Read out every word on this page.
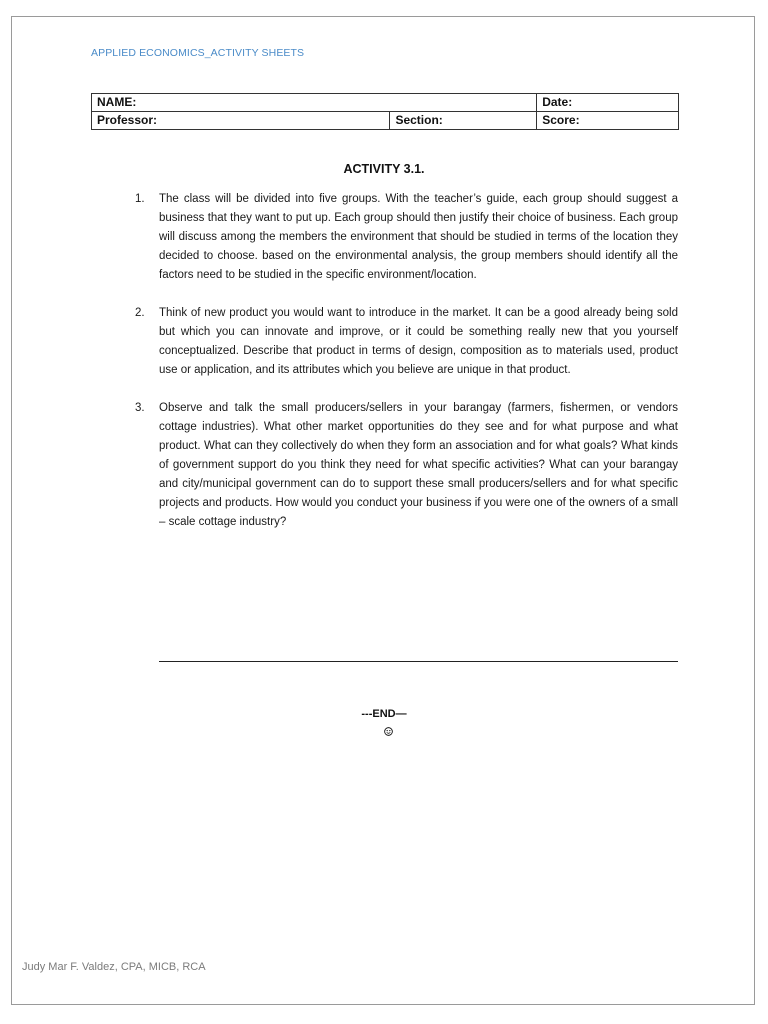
APPLIED ECONOMICS_ACTIVITY SHEETS
NAME:		Date:
Professor:	Section:	Score:
ACTIVITY 3.1.
1. The class will be divided into five groups. With the teacher’s guide, each group should suggest a business that they want to put up. Each group should then justify their choice of business. Each group will discuss among the members the environment that should be studied in terms of the location they decided to choose. based on the environmental analysis, the group members should identify all the factors need to be studied in the specific environment/location.
2. Think of new product you would want to introduce in the market. It can be a good already being sold but which you can innovate and improve, or it could be something really new that you yourself conceptualized. Describe that product in terms of design, composition as to materials used, product use or application, and its attributes which you believe are unique in that product.
3. Observe and talk the small producers/sellers in your barangay (farmers, fishermen, or vendors cottage industries). What other market opportunities do they see and for what purpose and what product. What can they collectively do when they form an association and for what goals? What kinds of government support do you think they need for what specific activities? What can your barangay and city/municipal government can do to support these small producers/sellers and for what specific projects and products. How would you conduct your business if you were one of the owners of a small – scale cottage industry?
---END—
Judy Mar F. Valdez, CPA, MICB, RCA
